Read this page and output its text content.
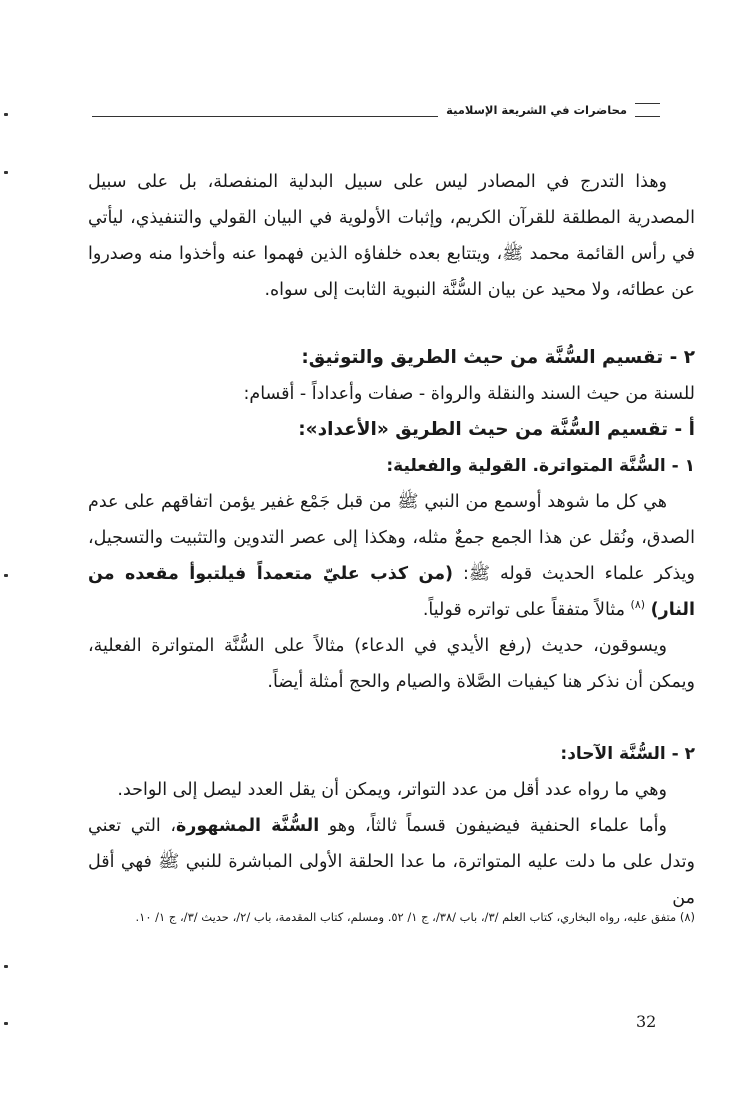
محاضرات في الشريعة الإسلامية

وهذا التدرج في المصادر ليس على سبيل البدلية المنفصلة، بل على سبيل المصدرية المطلقة للقرآن الكريم، وإثبات الأولوية في البيان القولي والتنفيذي، ليأتي في رأس القائمة محمد ﷺ، ويتتابع بعده خلفاؤه الذين فهموا عنه وأخذوا منه وصدروا عن عطائه، ولا محيد عن بيان السُّنَّة النبوية الثابت إلى سواه.

٢ - تقسيم السُّنَّة من حيث الطريق والتوثيق:

للسنة من حيث السند والنقلة والرواة - صفات وأعداداً - أقسام:

أ - تقسيم السُّنَّة من حيث الطريق «الأعداد»:

١ - السُّنَّة المتواترة. القولية والفعلية:

هي كل ما شوهد أوسمع من النبي ﷺ من قبل جَمْع غفير يؤمن اتفاقهم على عدم الصدق، ونُقل عن هذا الجمع جمعٌ مثله، وهكذا إلى عصر التدوين والتثبيت والتسجيل، ويذكر علماء الحديث قوله ﷺ: (من كذب عليّ متعمداً فيلتبوأ مقعده من النار) $^{(٨)}$ مثالاً متفقاً على تواتره قولياً.

ويسوقون، حديث (رفع الأيدي في الدعاء) مثالاً على السُّنَّة المتواترة الفعلية، ويمكن أن نذكر هنا كيفيات الصَّلاة والصيام والحج أمثلة أيضاً.

٢ - السُّنَّة الآحاد:

وهي ما رواه عدد أقل من عدد التواتر، ويمكن أن يقل العدد ليصل إلى الواحد.

وأما علماء الحنفية فيضيفون قسماً ثالثاً، وهو السُّنَّة المشهورة، التي تعني وتدل على ما دلت عليه المتواترة، ما عدا الحلقة الأولى المباشرة للنبي ﷺ فهي أقل من

(٨) متفق عليه، رواه البخاري، كتاب العلم /٣/، باب /٣٨/، ج ١/ ٥٢. ومسلم، كتاب المقدمة، باب /٢/، حديث /٣/، ج ١/ ١٠.
32
